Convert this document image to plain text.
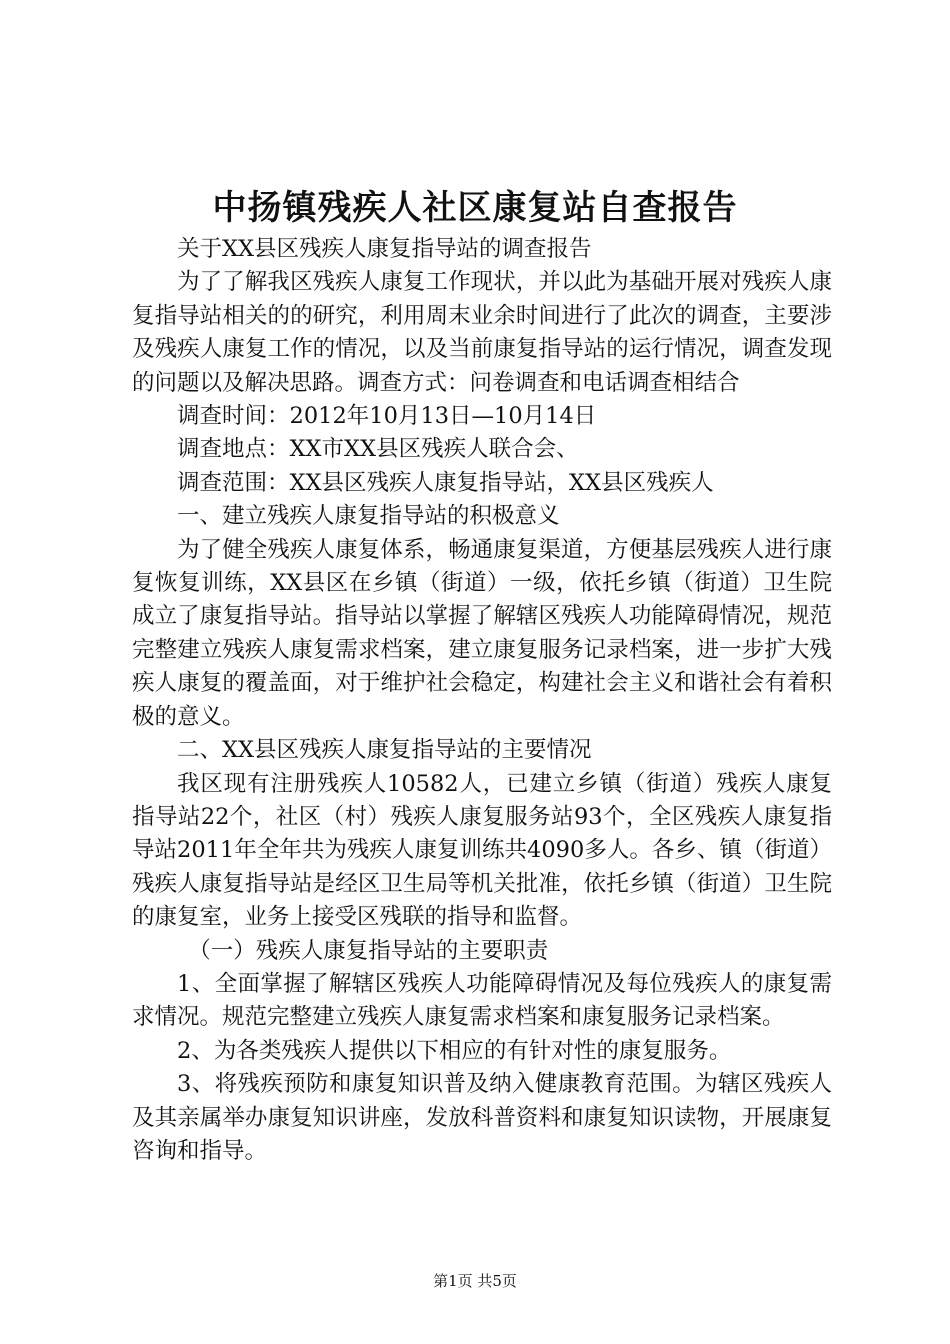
中扬镇残疾人社区康复站自查报告

关于XX县区残疾人康复指导站的调查报告

为了了解我区残疾人康复工作现状，并以此为基础开展对残疾人康复指导站相关的的研究，利用周末业余时间进行了此次的调查，主要涉及残疾人康复工作的情况，以及当前康复指导站的运行情况，调查发现的问题以及解决思路。调查方式：问卷调查和电话调查相结合

调查时间：2012年10月13日—10月14日

调查地点：XX市XX县区残疾人联合会、

调查范围：XX县区残疾人康复指导站，XX县区残疾人

一、建立残疾人康复指导站的积极意义

为了健全残疾人康复体系，畅通康复渠道，方便基层残疾人进行康复恢复训练，XX县区在乡镇（街道）一级，依托乡镇（街道）卫生院成立了康复指导站。指导站以掌握了解辖区残疾人功能障碍情况，规范完整建立残疾人康复需求档案，建立康复服务记录档案，进一步扩大残疾人康复的覆盖面，对于维护社会稳定，构建社会主义和谐社会有着积极的意义。

二、XX县区残疾人康复指导站的主要情况

我区现有注册残疾人10582人，已建立乡镇（街道）残疾人康复指导站22个，社区（村）残疾人康复服务站93个，全区残疾人康复指导站2011年全年共为残疾人康复训练共4090多人。各乡、镇（街道）残疾人康复指导站是经区卫生局等机关批准，依托乡镇（街道）卫生院的康复室，业务上接受区残联的指导和监督。

（一）残疾人康复指导站的主要职责

1、全面掌握了解辖区残疾人功能障碍情况及每位残疾人的康复需求情况。规范完整建立残疾人康复需求档案和康复服务记录档案。

2、为各类残疾人提供以下相应的有针对性的康复服务。

3、将残疾预防和康复知识普及纳入健康教育范围。为辖区残疾人及其亲属举办康复知识讲座，发放科普资料和康复知识读物，开展康复咨询和指导。

第1页 共5页
